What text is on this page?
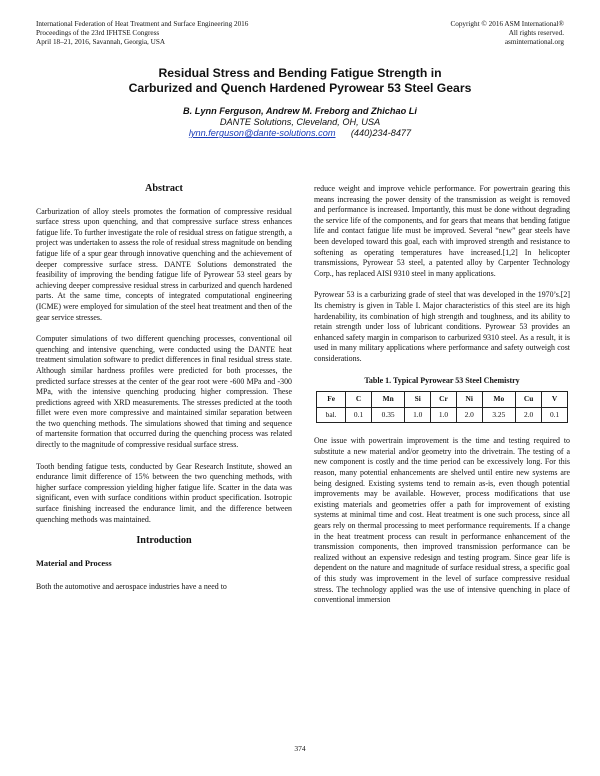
International Federation of Heat Treatment and Surface Engineering 2016
Proceedings of the 23rd IFHTSE Congress
April 18–21, 2016, Savannah, Georgia, USA
Copyright © 2016 ASM International®
All rights reserved.
asminternational.org
Residual Stress and Bending Fatigue Strength in
Carburized and Quench Hardened Pyrowear 53 Steel Gears
B. Lynn Ferguson, Andrew M. Freborg and Zhichao Li
DANTE Solutions, Cleveland, OH, USA
lynn.ferguson@dante-solutions.com (440)234-8477
Abstract

Carburization of alloy steels promotes the formation of compressive residual surface stress upon quenching, and that compressive surface stress enhances fatigue life. To further investigate the role of residual stress on fatigue strength, a project was undertaken to assess the role of residual stress magnitude on bending fatigue life of a spur gear through innovative quenching and the achievement of deeper compressive surface stress. DANTE Solutions demonstrated the feasibility of improving the bending fatigue life of Pyrowear 53 steel gears by achieving deeper compressive residual stress in carburized and quench hardened parts. At the same time, concepts of integrated computational engineering (ICME) were employed for simulation of the steel heat treatment and then of the gear service stresses.

Computer simulations of two different quenching processes, conventional oil quenching and intensive quenching, were conducted using the DANTE heat treatment simulation software to predict differences in final residual stress state. Although similar hardness profiles were predicted for both processes, the predicted surface stresses at the center of the gear root were -600 MPa and -300 MPa, with the intensive quenching producing higher compression. These predictions agreed with XRD measurements. The stresses predicted at the tooth fillet were even more compressive and maintained similar separation between the two quenching methods. The simulations showed that timing and sequence of martensite formation that occurred during the quenching process was related directly to the magnitude of compressive residual surface stress.

Tooth bending fatigue tests, conducted by Gear Research Institute, showed an endurance limit difference of 15% between the two quenching methods, with higher surface compression yielding higher fatigue life. Scatter in the data was significant, even with surface conditions within product specification. Isotropic surface finishing increased the endurance limit, and the difference between quenching methods was maintained.

Introduction
Material and Process

Both the automotive and aerospace industries have a need to

reduce weight and improve vehicle performance. For powertrain gearing this means increasing the power density of the transmission as weight is removed and performance is increased. Importantly, this must be done without degrading the service life of the components, and for gears that means that bending fatigue life and contact fatigue life must be improved. Several “new” gear steels have been developed toward this goal, each with improved strength and resistance to softening as operating temperatures have increased.[1,2] In helicopter transmissions, Pyrowear 53 steel, a patented alloy by Carpenter Technology Corp., has replaced AISI 9310 steel in many applications.

Pyrowear 53 is a carburizing grade of steel that was developed in the 1970’s.[2] Its chemistry is given in Table I. Major characteristics of this steel are its high hardenability, its combination of high strength and toughness, and its ability to retain strength under loss of lubricant conditions. Pyrowear 53 provides an enhanced safety margin in comparison to carburized 9310 steel. As a result, it is used in many military applications where performance and safety outweigh cost considerations.

Table 1. Typical Pyrowear 53 Steel Chemistry
Fe	C	Mn	Si	Cr	Ni	Mo	Cu	V
bal.	0.1	0.35	1.0	1.0	2.0	3.25	2.0	0.1

One issue with powertrain improvement is the time and testing required to substitute a new material and/or geometry into the drivetrain. The testing of a new component is costly and the time period can be excessively long. For this reason, many potential enhancements are shelved until entire new systems are being designed. Existing systems tend to remain as-is, even though potential improvements may be available. However, process modifications that use existing materials and geometries offer a path for improvement of existing systems at minimal time and cost. Heat treatment is one such process, since all gears rely on thermal processing to meet performance requirements. If a change in the heat treatment process can result in performance enhancement of the transmission components, then improved transmission performance can be realized without an expensive redesign and testing program. Since gear life is dependent on the nature and magnitude of surface residual stress, a specific goal of this study was improvement in the level of surface compressive residual stress. The technology applied was the use of intensive quenching in place of conventional immersion

374
